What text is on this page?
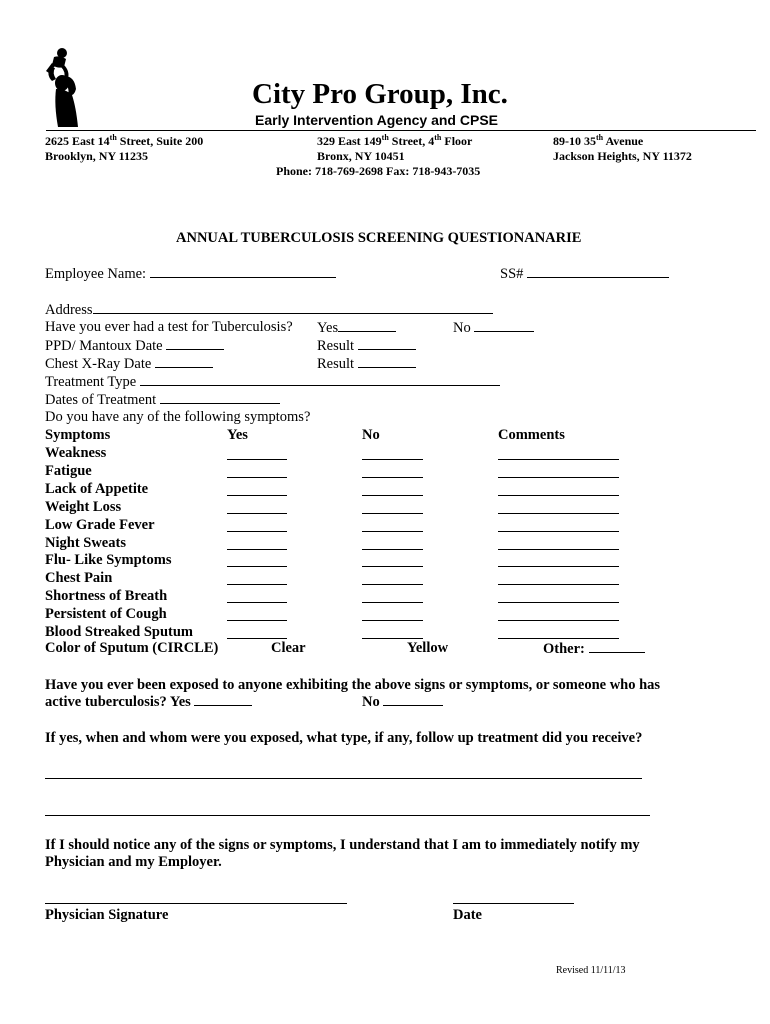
City Pro Group, Inc.
Early Intervention Agency and CPSE
2625 East 14th Street, Suite 200
Brooklyn, NY 11235
329 East 149th Street, 4th Floor
Bronx, NY 10451
Phone: 718-769-2698 Fax: 718-943-7035
89-10 35th Avenue
Jackson Heights, NY 11372
ANNUAL TUBERCULOSIS SCREENING QUESTIONANARIE
Employee Name:	SS#
Address
Have you ever had a test for Tuberculosis? Yes	No
PPD/ Mantoux Date	Result
Chest X-Ray Date	Result
Treatment Type
Dates of Treatment
Do you have any of the following symptoms?
Symptoms	Yes	No	Comments
Weakness
Fatigue
Lack of Appetite
Weight Loss
Low Grade Fever
Night Sweats
Flu- Like Symptoms
Chest Pain
Shortness of Breath
Persistent of Cough
Blood Streaked Sputum
Color of Sputum (CIRCLE)	Clear	Yellow	Other:
Have you ever been exposed to anyone exhibiting the above signs or symptoms, or someone who has
active tuberculosis? Yes	No
If yes, when and whom were you exposed, what type, if any, follow up treatment did you receive?
If I should notice any of the signs or symptoms, I understand that I am to immediately notify my
Physician and my Employer.
Physician Signature	Date
Revised 11/11/13
